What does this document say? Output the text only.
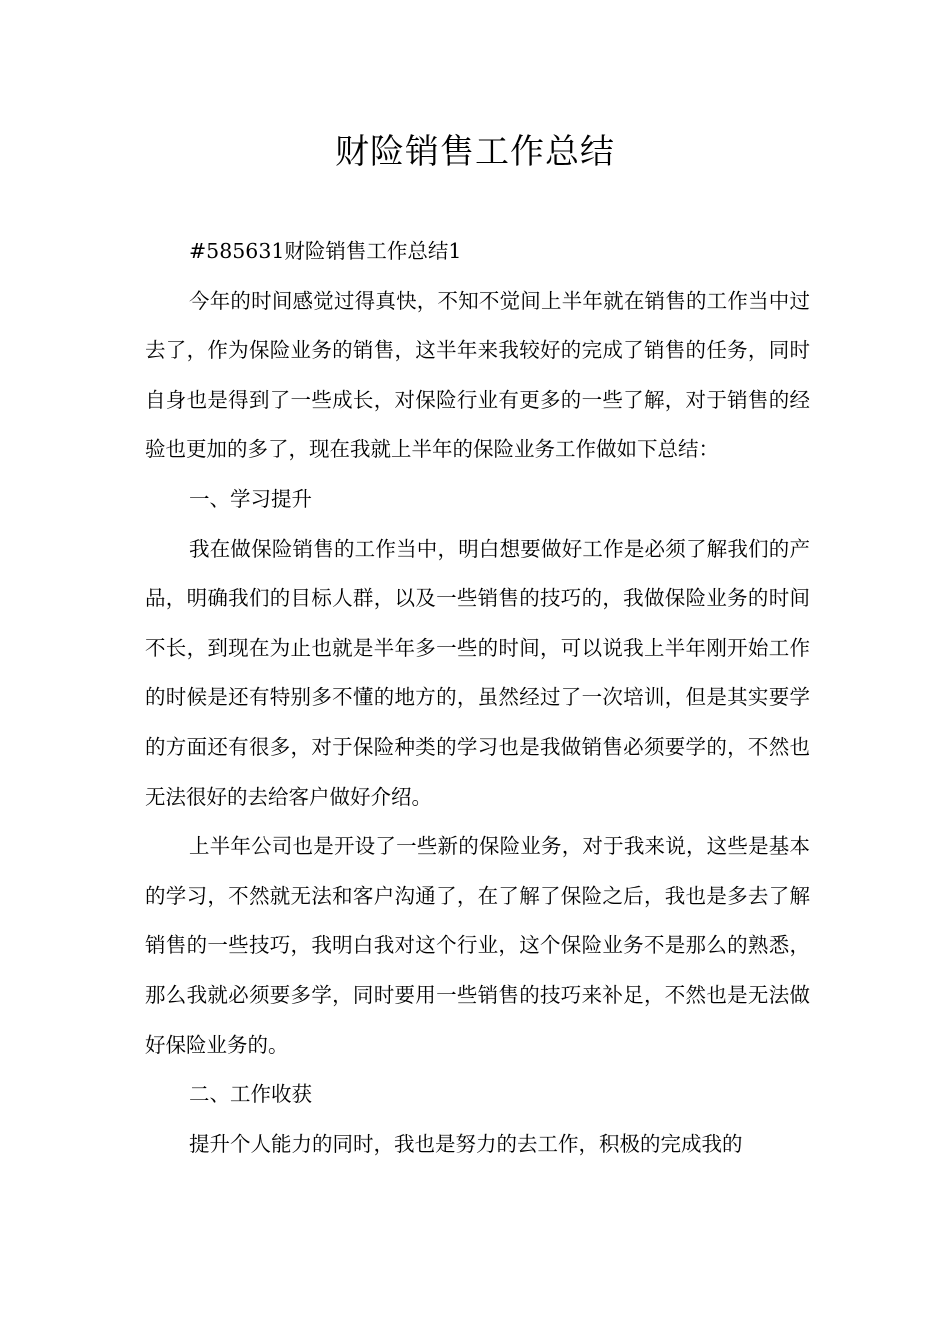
财险销售工作总结

#585631财险销售工作总结1

今年的时间感觉过得真快，不知不觉间上半年就在销售的工作当中过去了，作为保险业务的销售，这半年来我较好的完成了销售的任务，同时自身也是得到了一些成长，对保险行业有更多的一些了解，对于销售的经验也更加的多了，现在我就上半年的保险业务工作做如下总结：

一、学习提升

我在做保险销售的工作当中，明白想要做好工作是必须了解我们的产品，明确我们的目标人群，以及一些销售的技巧的，我做保险业务的时间不长，到现在为止也就是半年多一些的时间，可以说我上半年刚开始工作的时候是还有特别多不懂的地方的，虽然经过了一次培训，但是其实要学的方面还有很多，对于保险种类的学习也是我做销售必须要学的，不然也无法很好的去给客户做好介绍。

上半年公司也是开设了一些新的保险业务，对于我来说，这些是基本的学习，不然就无法和客户沟通了，在了解了保险之后，我也是多去了解销售的一些技巧，我明白我对这个行业，这个保险业务不是那么的熟悉，那么我就必须要多学，同时要用一些销售的技巧来补足，不然也是无法做好保险业务的。

二、工作收获

提升个人能力的同时，我也是努力的去工作，积极的完成我的
